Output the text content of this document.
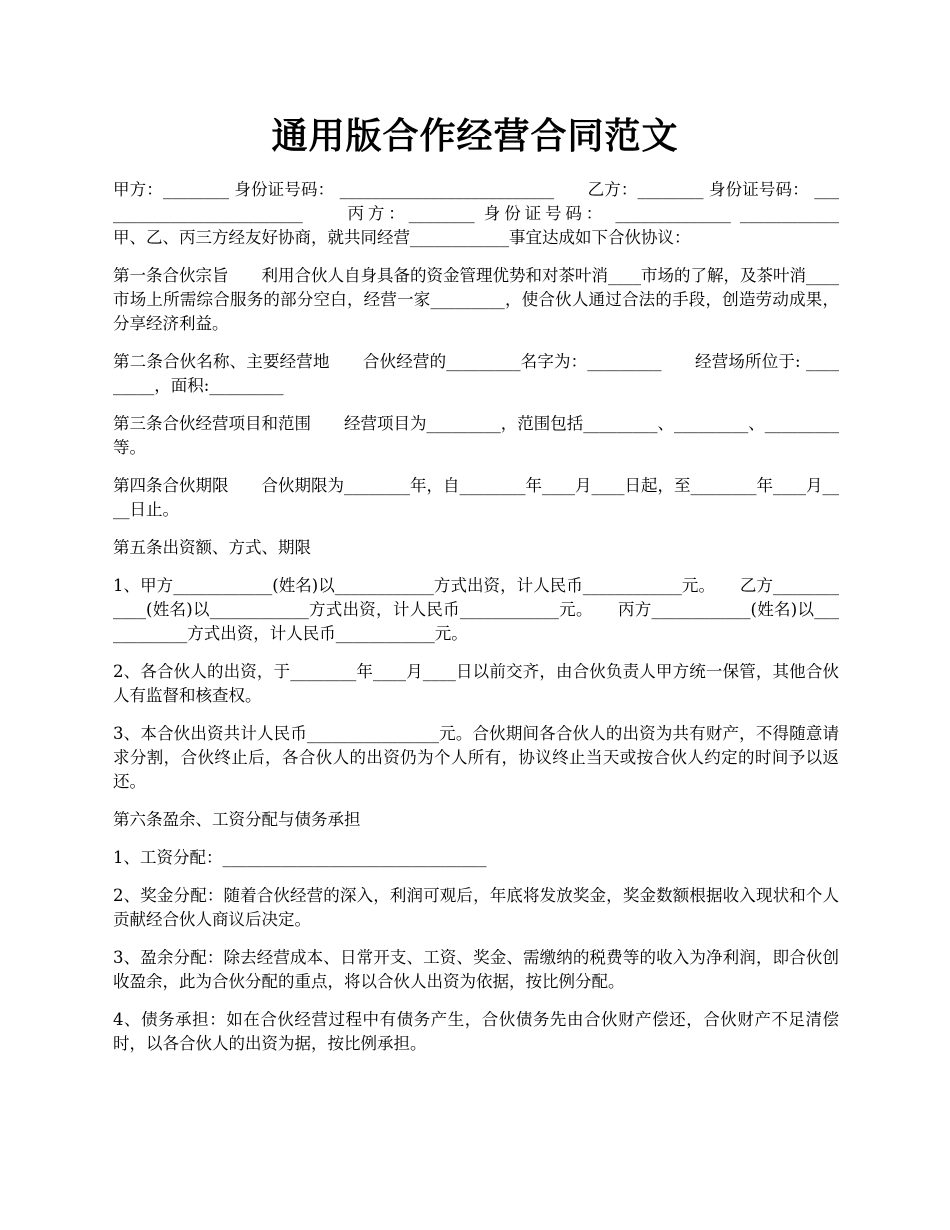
通用版合作经营合同范文

甲方：________ 身份证号码： __________________________　　乙方：________ 身份证号码： __________________________　　丙方：________ 身份证号码： ______________ ____________　　甲、乙、丙三方经友好协商，就共同经营____________事宜达成如下合伙协议：

第一条合伙宗旨　　利用合伙人自身具备的资金管理优势和对茶叶消____市场的了解，及茶叶消____市场上所需综合服务的部分空白，经营一家_________，使合伙人通过合法的手段，创造劳动成果，分享经济利益。

第二条合伙名称、主要经营地　　合伙经营的_________名字为：_________　　经营场所位于: _________，面积:_________

第三条合伙经营项目和范围　　经营项目为_________，范围包括_________、_________、_________等。

第四条合伙期限　　合伙期限为________年，自________年____月____日起，至________年____月____日止。

第五条出资额、方式、期限

1、甲方____________(姓名)以____________方式出资，计人民币____________元。　　乙方____________(姓名)以____________方式出资，计人民币____________元。　　丙方____________(姓名)以____________方式出资，计人民币____________元。

2、各合伙人的出资，于________年____月____日以前交齐，由合伙负责人甲方统一保管，其他合伙人有监督和核查权。

3、本合伙出资共计人民币________________元。合伙期间各合伙人的出资为共有财产，不得随意请求分割，合伙终止后，各合伙人的出资仍为个人所有，协议终止当天或按合伙人约定的时间予以返还。

第六条盈余、工资分配与债务承担

1、工资分配：________________________________

2、奖金分配：随着合伙经营的深入，利润可观后，年底将发放奖金，奖金数额根据收入现状和个人贡献经合伙人商议后决定。

3、盈余分配：除去经营成本、日常开支、工资、奖金、需缴纳的税费等的收入为净利润，即合伙创收盈余，此为合伙分配的重点，将以合伙人出资为依据，按比例分配。

4、债务承担：如在合伙经营过程中有债务产生，合伙债务先由合伙财产偿还，合伙财产不足清偿时，以各合伙人的出资为据，按比例承担。
